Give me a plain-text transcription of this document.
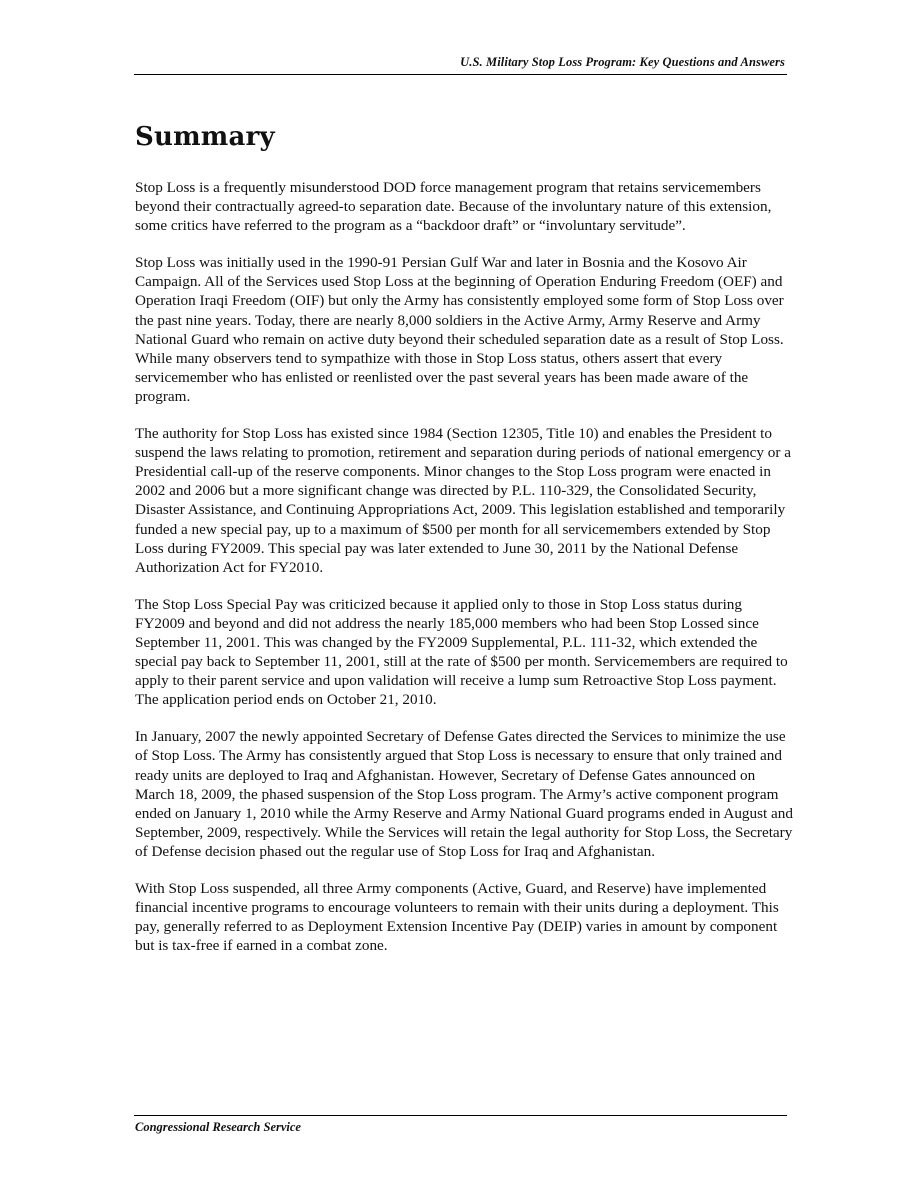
U.S. Military Stop Loss Program: Key Questions and Answers
Summary

Stop Loss is a frequently misunderstood DOD force management program that retains servicemembers beyond their contractually agreed-to separation date. Because of the involuntary nature of this extension, some critics have referred to the program as a “backdoor draft” or “involuntary servitude”.

Stop Loss was initially used in the 1990-91 Persian Gulf War and later in Bosnia and the Kosovo Air Campaign. All of the Services used Stop Loss at the beginning of Operation Enduring Freedom (OEF) and Operation Iraqi Freedom (OIF) but only the Army has consistently employed some form of Stop Loss over the past nine years. Today, there are nearly 8,000 soldiers in the Active Army, Army Reserve and Army National Guard who remain on active duty beyond their scheduled separation date as a result of Stop Loss. While many observers tend to sympathize with those in Stop Loss status, others assert that every servicemember who has enlisted or reenlisted over the past several years has been made aware of the program.

The authority for Stop Loss has existed since 1984 (Section 12305, Title 10) and enables the President to suspend the laws relating to promotion, retirement and separation during periods of national emergency or a Presidential call-up of the reserve components. Minor changes to the Stop Loss program were enacted in 2002 and 2006 but a more significant change was directed by P.L. 110-329, the Consolidated Security, Disaster Assistance, and Continuing Appropriations Act, 2009. This legislation established and temporarily funded a new special pay, up to a maximum of $500 per month for all servicemembers extended by Stop Loss during FY2009. This special pay was later extended to June 30, 2011 by the National Defense Authorization Act for FY2010.

The Stop Loss Special Pay was criticized because it applied only to those in Stop Loss status during FY2009 and beyond and did not address the nearly 185,000 members who had been Stop Lossed since September 11, 2001. This was changed by the FY2009 Supplemental, P.L. 111-32, which extended the special pay back to September 11, 2001, still at the rate of $500 per month. Servicemembers are required to apply to their parent service and upon validation will receive a lump sum Retroactive Stop Loss payment. The application period ends on October 21, 2010.

In January, 2007 the newly appointed Secretary of Defense Gates directed the Services to minimize the use of Stop Loss. The Army has consistently argued that Stop Loss is necessary to ensure that only trained and ready units are deployed to Iraq and Afghanistan. However, Secretary of Defense Gates announced on March 18, 2009, the phased suspension of the Stop Loss program. The Army’s active component program ended on January 1, 2010 while the Army Reserve and Army National Guard programs ended in August and September, 2009, respectively. While the Services will retain the legal authority for Stop Loss, the Secretary of Defense decision phased out the regular use of Stop Loss for Iraq and Afghanistan.

With Stop Loss suspended, all three Army components (Active, Guard, and Reserve) have implemented financial incentive programs to encourage volunteers to remain with their units during a deployment. This pay, generally referred to as Deployment Extension Incentive Pay (DEIP) varies in amount by component but is tax-free if earned in a combat zone.

Congressional Research Service
